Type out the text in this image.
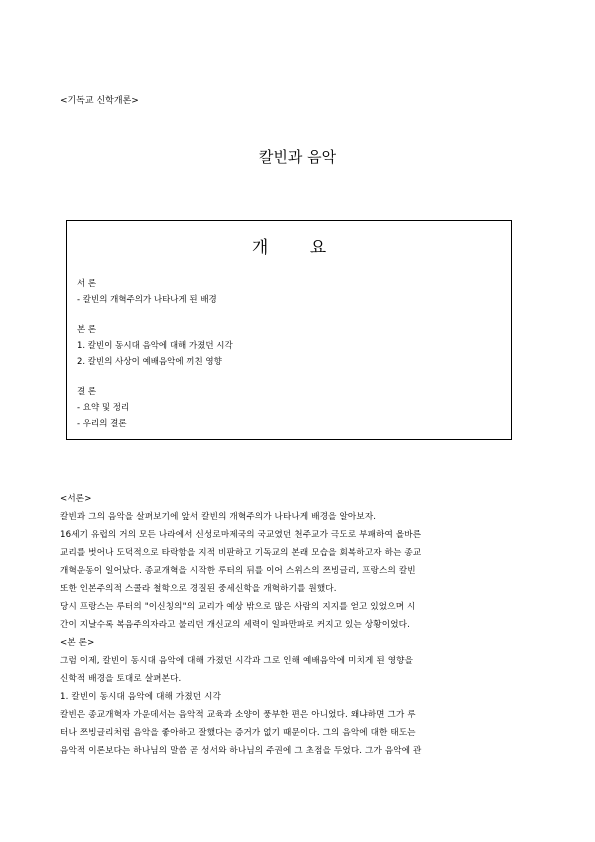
<기독교 신학개론>
칼빈과 음악
개 요
서 론
- 칼빈의 개혁주의가 나타나게 된 배경
본 론
1. 칼빈이 동시대 음악에 대해 가졌던 시각
2. 칼빈의 사상이 예배음악에 끼친 영향
결 론
- 요약 및 정리
- 우리의 결론
<서론>
칼빈과 그의 음악을 살펴보기에 앞서 칼빈의 개혁주의가 나타나게 배경을 알아보자.
16세기 유럽의 거의 모든 나라에서 신성로마제국의 국교였던 천주교가 극도로 부패하여 올바른
교리를 벗어나 도덕적으로 타락함을 지적 비판하고 기독교의 본래 모습을 회복하고자 하는 종교
개혁운동이 일어났다. 종교개혁을 시작한 루터의 뒤를 이어 스위스의 쯔빙글리, 프랑스의 칼빈
또한 인본주의적 스콜라 철학으로 경질된 중세신학을 개혁하기를 원했다.
당시 프랑스는 루터의 "이신칭의"의 교리가 예상 밖으로 많은 사람의 지지를 얻고 있었으며 시
간이 지날수록 복음주의자라고 불리던 개신교의 세력이 일파만파로 커지고 있는 상황이었다.
<본 론>
그럼 이제, 칼빈이 동시대 음악에 대해 가졌던 시각과 그로 인해 예배음악에 미치게 된 영향을
신학적 배경을 토대로 살펴본다.
1. 칼빈이 동시대 음악에 대해 가졌던 시각
칼빈은 종교개혁자 가운데서는 음악적 교육과 소양이 풍부한 편은 아니었다. 왜냐하면 그가 루
터나 쯔빙글리처럼 음악을 좋아하고 잘했다는 증거가 없기 때문이다. 그의 음악에 대한 태도는
음악적 이론보다는 하나님의 말씀 곧 성서와 하나님의 주권에 그 초점을 두었다. 그가 음악에 관
